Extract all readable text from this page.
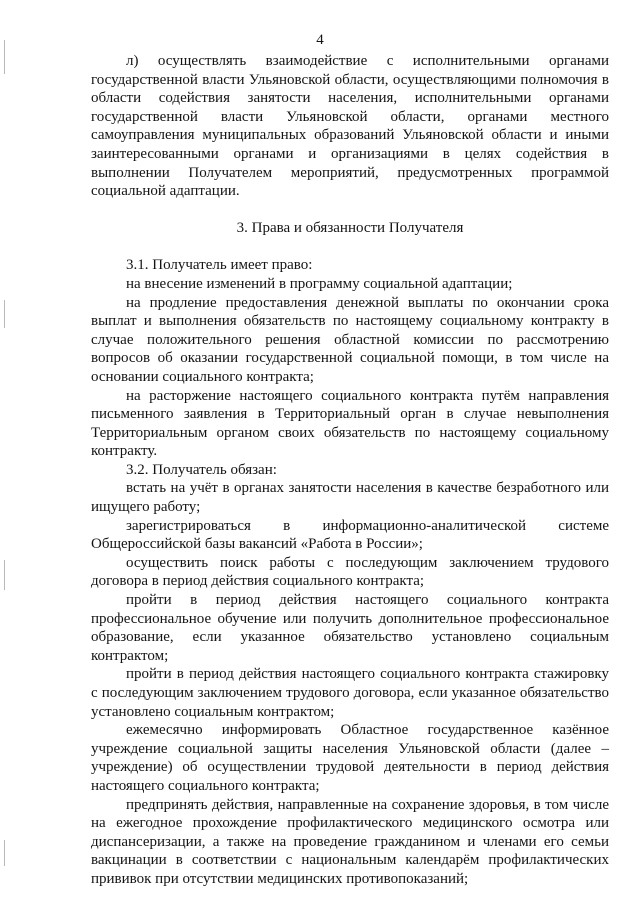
4

л) осуществлять взаимодействие с исполнительными органами государственной власти Ульяновской области, осуществляющими полномочия в области содействия занятости населения, исполнительными органами государственной власти Ульяновской области, органами местного самоуправления муниципальных образований Ульяновской области и иными заинтересованными органами и организациями в целях содействия в выполнении Получателем мероприятий, предусмотренных программой социальной адаптации.

3. Права и обязанности Получателя

3.1. Получатель имеет право:

на внесение изменений в программу социальной адаптации;

на продление предоставления денежной выплаты по окончании срока выплат и выполнения обязательств по настоящему социальному контракту в случае положительного решения областной комиссии по рассмотрению вопросов об оказании государственной социальной помощи, в том числе на основании социального контракта;

на расторжение настоящего социального контракта путём направления письменного заявления в Территориальный орган в случае невыполнения Территориальным органом своих обязательств по настоящему социальному контракту.

3.2. Получатель обязан:

встать на учёт в органах занятости населения в качестве безработного или ищущего работу;

зарегистрироваться в информационно-аналитической системе Общероссийской базы вакансий «Работа в России»;

осуществить поиск работы с последующим заключением трудового договора в период действия социального контракта;

пройти в период действия настоящего социального контракта профессиональное обучение или получить дополнительное профессиональное образование, если указанное обязательство установлено социальным контрактом;

пройти в период действия настоящего социального контракта стажировку с последующим заключением трудового договора, если указанное обязательство установлено социальным контрактом;

ежемесячно информировать Областное государственное казённое учреждение социальной защиты населения Ульяновской области (далее – учреждение) об осуществлении трудовой деятельности в период действия настоящего социального контракта;

предпринять действия, направленные на сохранение здоровья, в том числе на ежегодное прохождение профилактического медицинского осмотра или диспансеризации, а также на проведение гражданином и членами его семьи вакцинации в соответствии с национальным календарём профилактических прививок при отсутствии медицинских противопоказаний;
